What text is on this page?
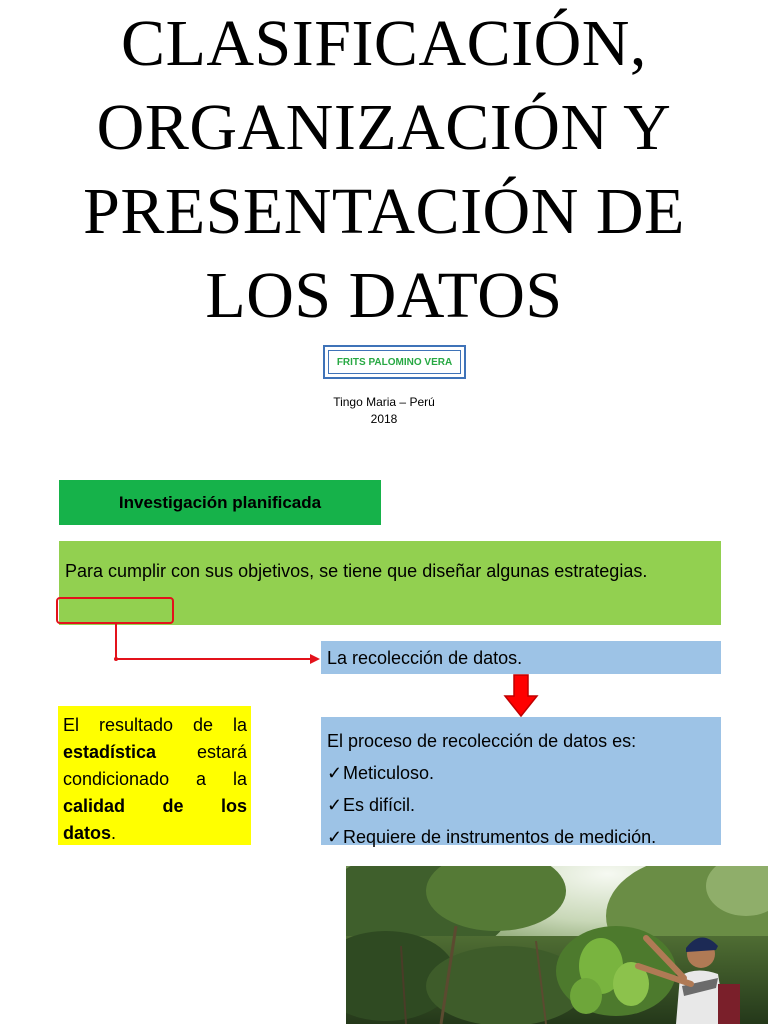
CLASIFICACIÓN,
ORGANIZACIÓN Y
PRESENTACIÓN DE
LOS DATOS
FRITS PALOMINO VERA
Tingo Maria – Perú
2018
Investigación planificada
Para cumplir con sus objetivos, se tiene que diseñar algunas estrategias.
La recolección de datos.
El proceso de recolección de datos es:
✓Meticuloso.
✓Es difícil.
✓Requiere de instrumentos de medición.
El resultado de la
estadística estará
condicionado a la
calidad de los
datos.
